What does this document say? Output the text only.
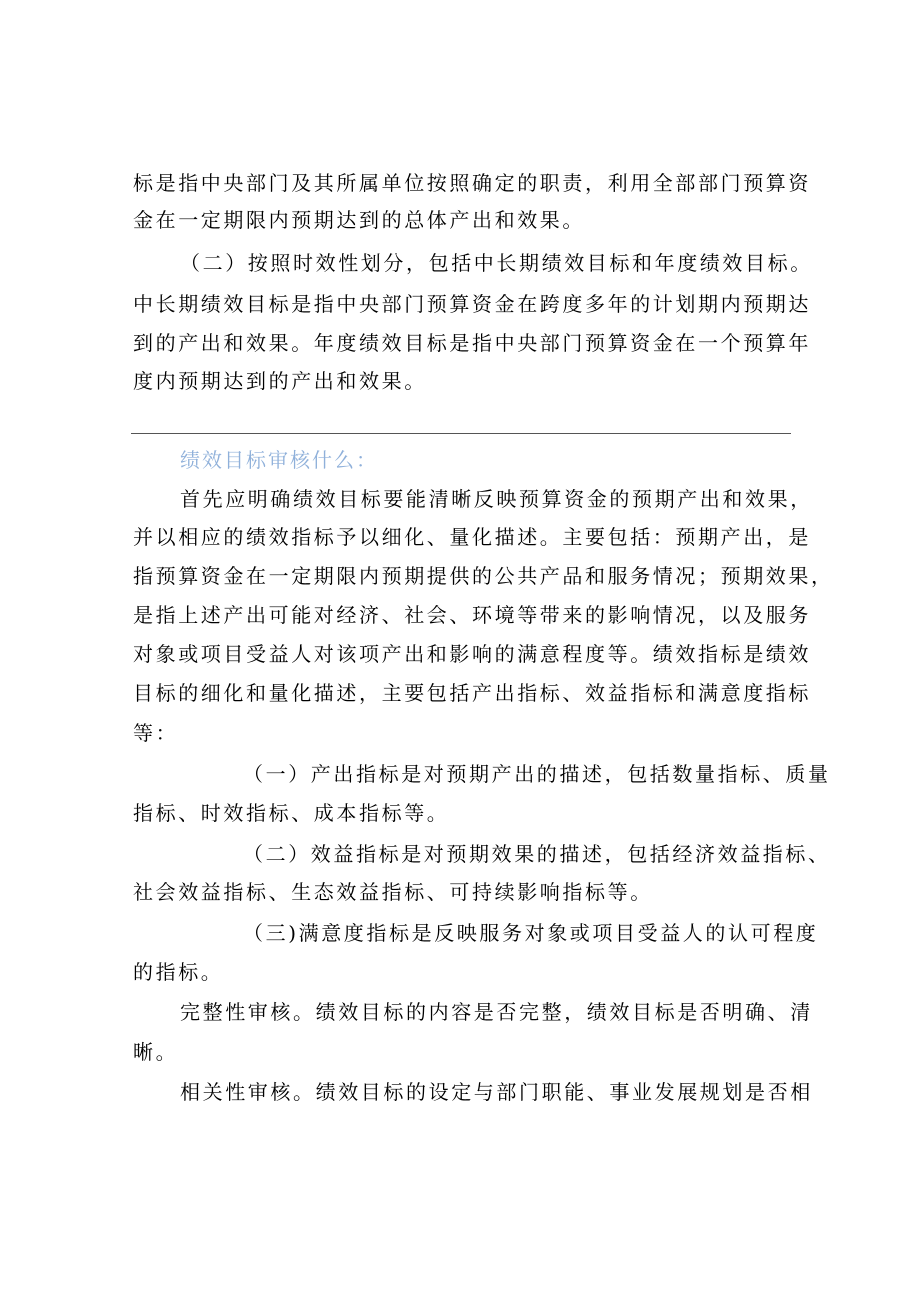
标是指中央部门及其所属单位按照确定的职责，利用全部部门预算资
金在一定期限内预期达到的总体产出和效果。
（二）按照时效性划分，包括中长期绩效目标和年度绩效目标。
中长期绩效目标是指中央部门预算资金在跨度多年的计划期内预期达
到的产出和效果。年度绩效目标是指中央部门预算资金在一个预算年
度内预期达到的产出和效果。
绩效目标审核什么：
首先应明确绩效目标要能清晰反映预算资金的预期产出和效果，
并以相应的绩效指标予以细化、量化描述。主要包括：预期产出，是
指预算资金在一定期限内预期提供的公共产品和服务情况；预期效果，
是指上述产出可能对经济、社会、环境等带来的影响情况，以及服务
对象或项目受益人对该项产出和影响的满意程度等。绩效指标是绩效
目标的细化和量化描述，主要包括产出指标、效益指标和满意度指标
等：
（一）产出指标是对预期产出的描述，包括数量指标、质量
指标、时效指标、成本指标等。
（二）效益指标是对预期效果的描述，包括经济效益指标、
社会效益指标、生态效益指标、可持续影响指标等。
（三)满意度指标是反映服务对象或项目受益人的认可程度
的指标。
完整性审核。绩效目标的内容是否完整，绩效目标是否明确、清
晰。
相关性审核。绩效目标的设定与部门职能、事业发展规划是否相
